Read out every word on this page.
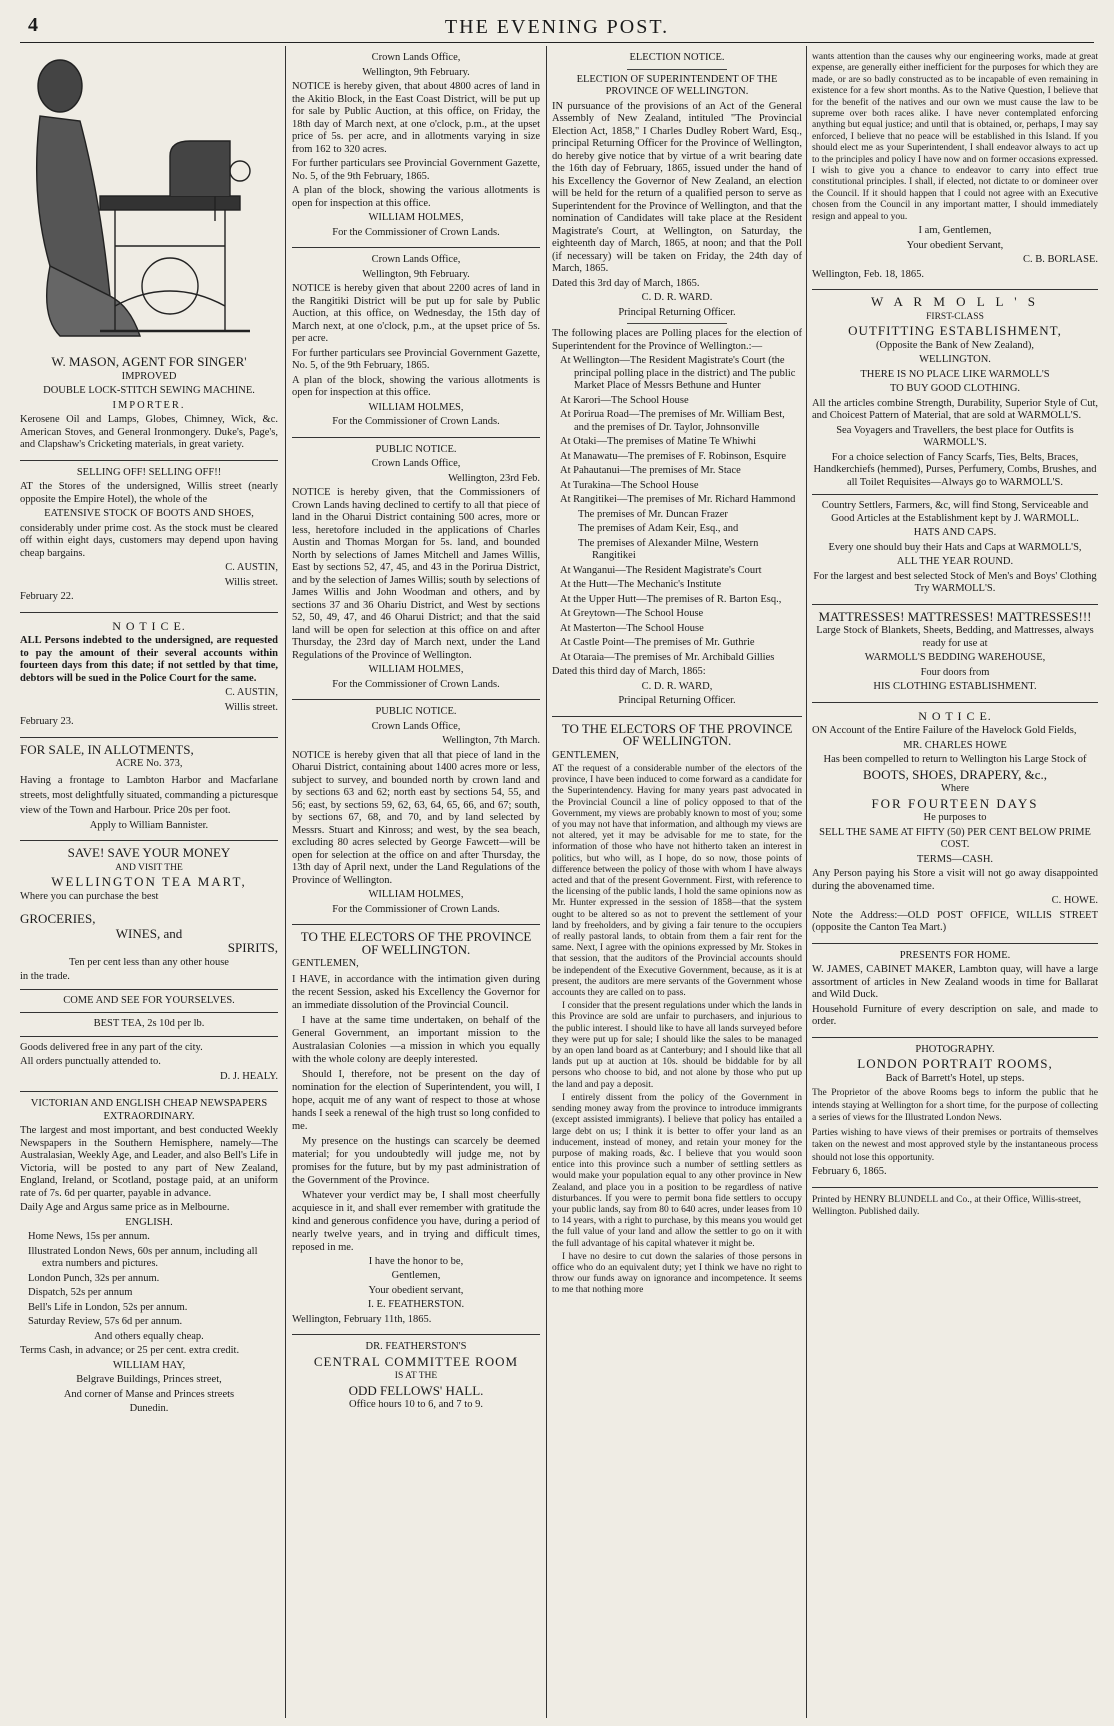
4	THE EVENING POST.

W. MASON, AGENT FOR SINGER'

IMPROVED

DOUBLE LOCK-STITCH SEWING MACHINE.

IMPORTER.

Kerosene Oil and Lamps, Globes, Chimney, Wick, &c. American Stoves, and General Ironmongery. Duke's, Page's, and Clapshaw's Cricketing materials, in great variety.

SELLING OFF! SELLING OFF!!

AT the Stores of the undersigned, Willis street (nearly opposite the Empire Hotel), the whole of the

EATENSIVE STOCK OF BOOTS AND SHOES,

considerably under prime cost. As the stock must be cleared off within eight days, customers may depend upon having cheap bargains.

C. AUSTIN,

Willis street.

February 22.

N O T I C E.

ALL Persons indebted to the undersigned, are requested to pay the amount of their several accounts within fourteen days from this date; if not settled by that time, debtors will be sued in the Police Court for the same.

C. AUSTIN,

Willis street.

February 23.

FOR SALE, IN ALLOTMENTS,

ACRE No. 373,

Having a frontage to Lambton Harbor and Macfarlane streets, most delightfully situated, commanding a picturesque view of the Town and Harbour. Price 20s per foot.

Apply to William Bannister.

SAVE! SAVE YOUR MONEY

AND VISIT THE

WELLINGTON TEA MART,

Where you can purchase the best

GROCERIES,

WINES, and

SPIRITS,

Ten per cent less than any other house

in the trade.

COME AND SEE FOR YOURSELVES.

BEST TEA, 2s 10d per lb.

Goods delivered free in any part of the city.

All orders punctually attended to.

D. J. HEALY.

VICTORIAN AND ENGLISH CHEAP NEWSPAPERS EXTRAORDINARY.

The largest and most important, and best conducted Weekly Newspapers in the Southern Hemisphere, namely—The Australasian, Weekly Age, and Leader, and also Bell's Life in Victoria, will be posted to any part of New Zealand, England, Ireland, or Scotland, postage paid, at an uniform rate of 7s. 6d per quarter, payable in advance.

Daily Age and Argus same price as in Melbourne.

ENGLISH.

Home News, 15s per annum.

Illustrated London News, 60s per annum, including all extra numbers and pictures.

London Punch, 32s per annum.

Dispatch, 52s per annum

Bell's Life in London, 52s per annum.

Saturday Review, 57s 6d per annum.

And others equally cheap.

Terms Cash, in advance; or 25 per cent. extra credit.

WILLIAM HAY,

Belgrave Buildings, Princes street,

And corner of Manse and Princes streets

Dunedin.

Crown Lands Office,

Wellington, 9th February.

NOTICE is hereby given, that about 4800 acres of land in the Akitio Block, in the East Coast District, will be put up for sale by Public Auction, at this office, on Friday, the 18th day of March next, at one o'clock, p.m., at the upset price of 5s. per acre, and in allotments varying in size from 162 to 320 acres.

For further particulars see Provincial Government Gazette, No. 5, of the 9th February, 1865.

A plan of the block, showing the various allotments is open for inspection at this office.

WILLIAM HOLMES,

For the Commissioner of Crown Lands.

Crown Lands Office,

Wellington, 9th February.

NOTICE is hereby given that about 2200 acres of land in the Rangitiki District will be put up for sale by Public Auction, at this office, on Wednesday, the 15th day of March next, at one o'clock, p.m., at the upset price of 5s. per acre.

For further particulars see Provincial Government Gazette, No. 5, of the 9th February, 1865.

A plan of the block, showing the various allotments is open for inspection at this office.

WILLIAM HOLMES,

For the Commissioner of Crown Lands.

PUBLIC NOTICE.

Crown Lands Office,

Wellington, 23rd Feb.

NOTICE is hereby given, that the Commissioners of Crown Lands having declined to certify to all that piece of land in the Oharui District containing 500 acres, more or less, heretofore included in the applications of Charles Austin and Thomas Morgan for 5s. land, and bounded North by selections of James Mitchell and James Willis, East by sections 52, 47, 45, and 43 in the Porirua District, and by the selection of James Willis; south by selections of James Willis and John Woodman and others, and by sections 37 and 36 Ohariu District, and West by sections 52, 50, 49, 47, and 46 Oharui District; and that the said land will be open for selection at this office on and after Thursday, the 23rd day of March next, under the Land Regulations of the Province of Wellington.

WILLIAM HOLMES,

For the Commissioner of Crown Lands.

PUBLIC NOTICE.

Crown Lands Office,

Wellington, 7th March.

NOTICE is hereby given that all that piece of land in the Oharui District, containing about 1400 acres more or less, subject to survey, and bounded north by crown land and by sections 63 and 62; north east by sections 54, 55, and 56; east, by sections 59, 62, 63, 64, 65, 66, and 67; south, by sections 67, 68, and 70, and by land selected by Messrs. Stuart and Kinross; and west, by the sea beach, excluding 80 acres selected by George Fawcett—will be open for selection at the office on and after Thursday, the 13th day of April next, under the Land Regulations of the Province of Wellington.

WILLIAM HOLMES,

For the Commissioner of Crown Lands.

TO THE ELECTORS OF THE PROVINCE OF WELLINGTON.

GENTLEMEN,

I HAVE, in accordance with the intimation given during the recent Session, asked his Excellency the Governor for an immediate dissolution of the Provincial Council.

I have at the same time undertaken, on behalf of the General Government, an important mission to the Australasian Colonies —a mission in which you equally with the whole colony are deeply interested.

Should I, therefore, not be present on the day of nomination for the election of Superintendent, you will, I hope, acquit me of any want of respect to those at whose hands I seek a renewal of the high trust so long confided to me.

My presence on the hustings can scarcely be deemed material; for you undoubtedly will judge me, not by promises for the future, but by my past administration of the Government of the Province.

Whatever your verdict may be, I shall most cheerfully acquiesce in it, and shall ever remember with gratitude the kind and generous confidence you have, during a period of nearly twelve years, and in trying and difficult times, reposed in me.

I have the honor to be,

Gentlemen,

Your obedient servant,

I. E. FEATHERSTON.

Wellington, February 11th, 1865.

DR. FEATHERSTON'S

CENTRAL COMMITTEE ROOM

IS AT THE

ODD FELLOWS' HALL.

Office hours 10 to 6, and 7 to 9.

ELECTION NOTICE.

ELECTION OF SUPERINTENDENT OF THE PROVINCE OF WELLINGTON.

IN pursuance of the provisions of an Act of the General Assembly of New Zealand, intituled "The Provincial Election Act, 1858," I Charles Dudley Robert Ward, Esq., principal Returning Officer for the Province of Wellington, do hereby give notice that by virtue of a writ bearing date the 16th day of February, 1865, issued under the hand of his Excellency the Governor of New Zealand, an election will be held for the return of a qualified person to serve as Superintendent for the Province of Wellington, and that the nomination of Candidates will take place at the Resident Magistrate's Court, at Wellington, on Saturday, the eighteenth day of March, 1865, at noon; and that the Poll (if necessary) will be taken on Friday, the 24th day of March, 1865.

Dated this 3rd day of March, 1865.

C. D. R. WARD.

Principal Returning Officer.

The following places are Polling places for the election of Superintendent for the Province of Wellington.:—

At Wellington—The Resident Magistrate's Court (the principal polling place in the district) and The public Market Place of Messrs Bethune and Hunter

At Karori—The School House

At Porirua Road—The premises of Mr. William Best, and the premises of Dr. Taylor, Johnsonville

At Otaki—The premises of Matine Te Whiwhi

At Manawatu—The premises of F. Robinson, Esquire

At Pahautanui—The premises of Mr. Stace

At Turakina—The School House

At Rangitikei—The premises of Mr. Richard Hammond

The premises of Mr. Duncan Frazer

The premises of Adam Keir, Esq., and

The premises of Alexander Milne, Western Rangitikei

At Wanganui—The Resident Magistrate's Court

At the Hutt—The Mechanic's Institute

At the Upper Hutt—The premises of R. Barton Esq.,

At Greytown—The School House

At Masterton—The School House

At Castle Point—The premises of Mr. Guthrie

At Otaraia—The premises of Mr. Archibald Gillies

Dated this third day of March, 1865:

C. D. R. WARD,

Principal Returning Officer.

TO THE ELECTORS OF THE PROVINCE OF WELLINGTON.

GENTLEMEN,

AT the request of a considerable number of the electors of the province, I have been induced to come forward as a candidate for the Superintendency. Having for many years past advocated in the Provincial Council a line of policy opposed to that of the Government, my views are probably known to most of you; some of you may not have that information, and although my views are not altered, yet it may be advisable for me to state, for the information of those who have not hitherto taken an interest in politics, but who will, as I hope, do so now, those points of difference between the policy of those with whom I have always acted and that of the present Government. First, with reference to the licensing of the public lands, I hold the same opinions now as Mr. Hunter expressed in the session of 1858—that the system ought to be altered so as not to prevent the settlement of your land by freeholders, and by giving a fair tenure to the occupiers of really pastoral lands, to obtain from them a fair rent for the same. Next, I agree with the opinions expressed by Mr. Stokes in that session, that the auditors of the Provincial accounts should be independent of the Executive Government, because, as it is at present, the auditors are mere servants of the Government whose accounts they are called on to pass.

I consider that the present regulations under which the lands in this Province are sold are unfair to purchasers, and injurious to the public interest. I should like to have all lands surveyed before they were put up for sale; I should like the sales to be managed by an open land board as at Canterbury; and I should like that all lands put up at auction at 10s. should be biddable for by all persons who choose to bid, and not alone by those who put up the land and pay a deposit.

I entirely dissent from the policy of the Government in sending money away from the province to introduce immigrants (except assisted immigrants). I believe that policy has entailed a large debt on us; I think it is better to offer your land as an inducement, instead of money, and retain your money for the purpose of making roads, &c. I believe that you would soon entice into this province such a number of settling settlers as would make your population equal to any other province in New Zealand, and place you in a position to be regardless of native disturbances. If you were to permit bona fide settlers to occupy your public lands, say from 80 to 640 acres, under leases from 10 to 14 years, with a right to purchase, by this means you would get the full value of your land and allow the settler to go on it with the full advantage of his capital whatever it might be.

I have no desire to cut down the salaries of those persons in office who do an equivalent duty; yet I think we have no right to throw our funds away on ignorance and incompetence. It seems to me that nothing more

wants attention than the causes why our engineering works, made at great expense, are generally either inefficient for the purposes for which they are made, or are so badly constructed as to be incapable of even remaining in existence for a few short months. As to the Native Question, I believe that for the benefit of the natives and our own we must cause the law to be supreme over both races alike. I have never contemplated enforcing anything but equal justice; and until that is obtained, or, perhaps, I may say enforced, I believe that no peace will be established in this Island. If you should elect me as your Superintendent, I shall endeavor always to act up to the principles and policy I have now and on former occasions expressed. I wish to give you a chance to endeavor to carry into effect true constitutional principles. I shall, if elected, not dictate to or domineer over the Council. If it should happen that I could not agree with an Executive chosen from the Council in any important matter, I should immediately resign and appeal to you.

I am, Gentlemen,

Your obedient Servant,

C. B. BORLASE.

Wellington, Feb. 18, 1865.

W A R M O L L ' S

FIRST-CLASS

OUTFITTING ESTABLISHMENT,

(Opposite the Bank of New Zealand),

WELLINGTON.

THERE IS NO PLACE LIKE WARMOLL'S

TO BUY GOOD CLOTHING.

All the articles combine Strength, Durability, Superior Style of Cut, and Choicest Pattern of Material, that are sold at WARMOLL'S.

Sea Voyagers and Travellers, the best place for Outfits is WARMOLL'S.

For a choice selection of Fancy Scarfs, Ties, Belts, Braces, Handkerchiefs (hemmed), Purses, Perfumery, Combs, Brushes, and all Toilet Requisites—Always go to WARMOLL'S.

Country Settlers, Farmers, &c, will find Stong, Serviceable and Good Articles at the Establishment kept by J. WARMOLL.

HATS AND CAPS.

Every one should buy their Hats and Caps at WARMOLL'S,

ALL THE YEAR ROUND.

For the largest and best selected Stock of Men's and Boys' Clothing Try WARMOLL'S.

MATTRESSES! MATTRESSES! MATTRESSES!!!

Large Stock of Blankets, Sheets, Bedding, and Mattresses, always ready for use at

WARMOLL'S BEDDING WAREHOUSE,

Four doors from

HIS CLOTHING ESTABLISHMENT.

N O T I C E.

ON Account of the Entire Failure of the Havelock Gold Fields,

MR. CHARLES HOWE

Has been compelled to return to Wellington his Large Stock of

BOOTS, SHOES, DRAPERY, &c.,

Where

FOR FOURTEEN DAYS

He purposes to

SELL THE SAME AT FIFTY (50) PER CENT BELOW PRIME COST.

TERMS—CASH.

Any Person paying his Store a visit will not go away disappointed during the abovenamed time.

C. HOWE.

Note the Address:—OLD POST OFFICE, WILLIS STREET (opposite the Canton Tea Mart.)

PRESENTS FOR HOME.

W. JAMES, CABINET MAKER, Lambton quay, will have a large assortment of articles in New Zealand woods in time for Ballarat and Wild Duck.

Household Furniture of every description on sale, and made to order.

PHOTOGRAPHY.

LONDON PORTRAIT ROOMS,

Back of Barrett's Hotel, up steps.

The Proprietor of the above Rooms begs to inform the public that he intends staying at Wellington for a short time, for the purpose of collecting a series of views for the Illustrated London News.

Parties wishing to have views of their premises or portraits of themselves taken on the newest and most approved style by the instantaneous process should not lose this opportunity.

February 6, 1865.

Printed by HENRY BLUNDELL and Co., at their Office, Willis-street, Wellington. Published daily.
